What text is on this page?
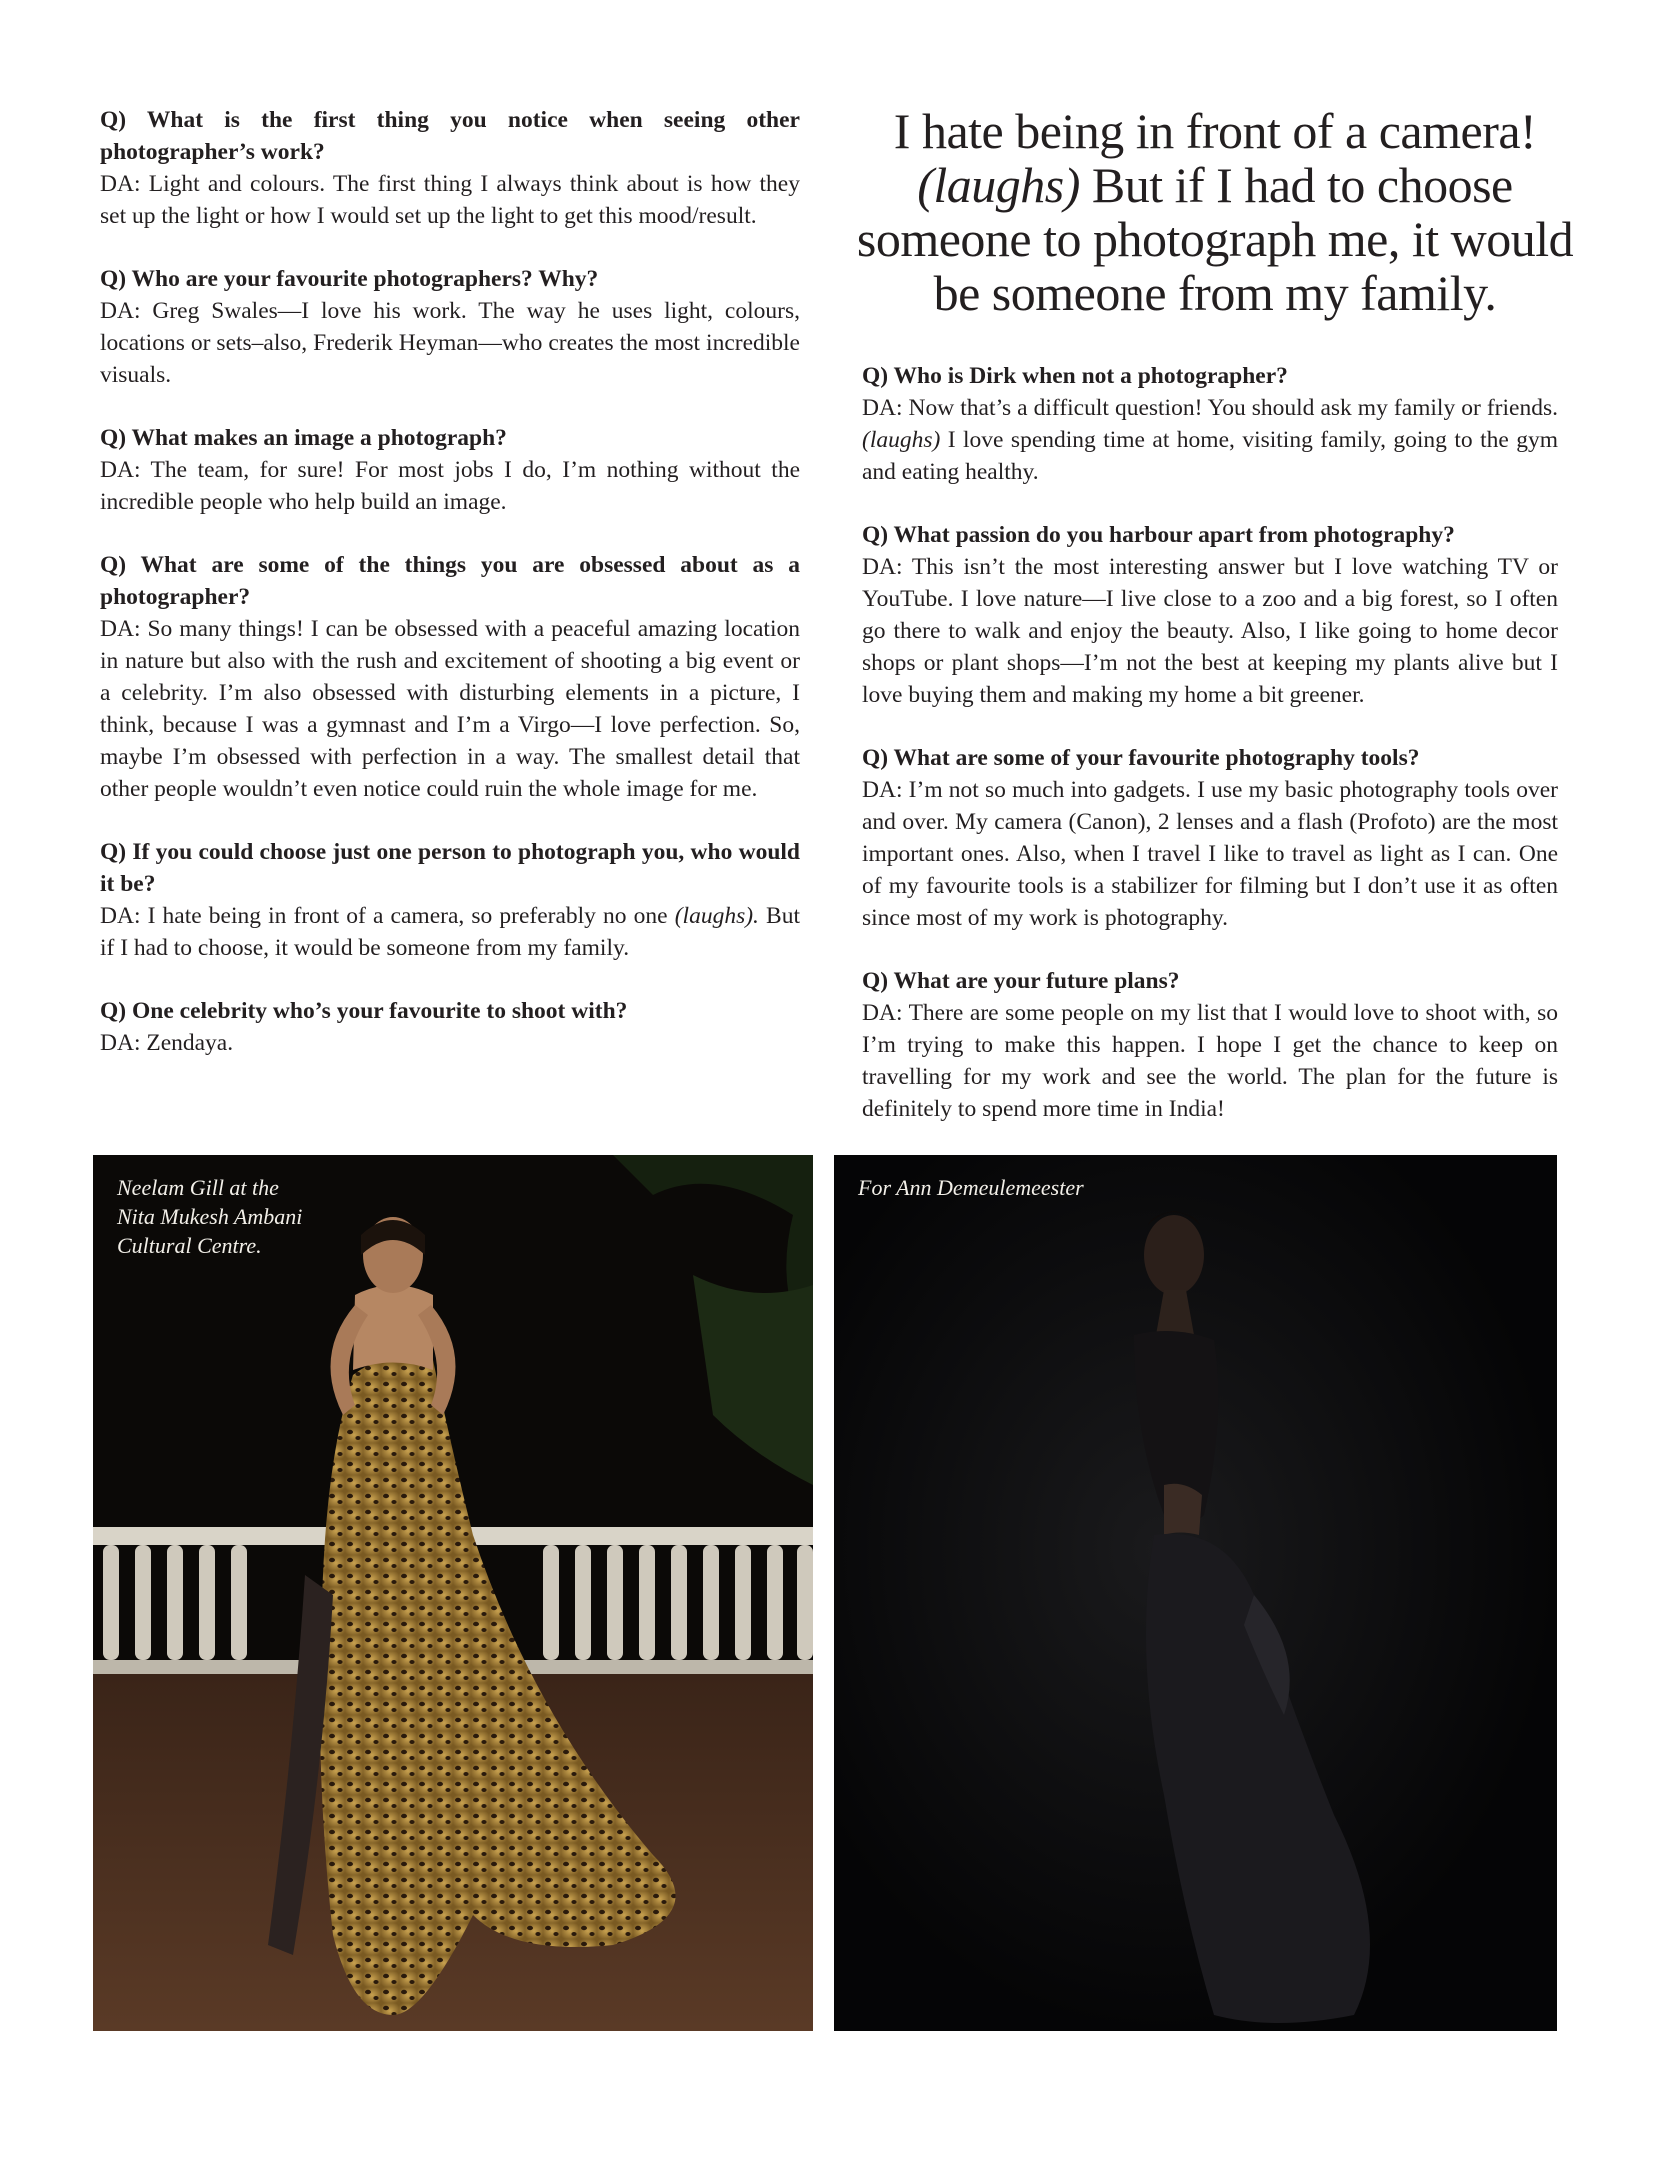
Q) What is the first thing you notice when seeing other photographer’s work?
DA: Light and colours. The first thing I always think about is how they set up the light or how I would set up the light to get this mood/result.
Q) Who are your favourite photographers? Why?
DA: Greg Swales—I love his work. The way he uses light, colours, locations or sets–also, Frederik Heyman—who creates the most incredible visuals.
Q) What makes an image a photograph?
DA: The team, for sure! For most jobs I do, I’m nothing without the incredible people who help build an image.
Q) What are some of the things you are obsessed about as a photographer?
DA: So many things! I can be obsessed with a peaceful amazing location in nature but also with the rush and excitement of shooting a big event or a celebrity. I’m also obsessed with disturbing elements in a picture, I think, because I was a gymnast and I’m a Virgo—I love perfection. So, maybe I’m obsessed with perfection in a way. The smallest detail that other people wouldn’t even notice could ruin the whole image for me.
Q) If you could choose just one person to photograph you, who would it be?
DA: I hate being in front of a camera, so preferably no one (laughs). But if I had to choose, it would be someone from my family.
Q) One celebrity who’s your favourite to shoot with?
DA: Zendaya.
I hate being in front of a camera!
(laughs) But if I had to choose someone to photograph me, it would be someone from my family.
Q) Who is Dirk when not a photographer?
DA: Now that’s a difficult question! You should ask my family or friends. (laughs) I love spending time at home, visiting family, going to the gym and eating healthy.
Q) What passion do you harbour apart from photography?
DA: This isn’t the most interesting answer but I love watching TV or YouTube. I love nature—I live close to a zoo and a big forest, so I often go there to walk and enjoy the beauty. Also, I like going to home decor shops or plant shops—I’m not the best at keeping my plants alive but I love buying them and making my home a bit greener.
Q) What are some of your favourite photography tools?
DA: I’m not so much into gadgets. I use my basic photography tools over and over. My camera (Canon), 2 lenses and a flash (Profoto) are the most important ones. Also, when I travel I like to travel as light as I can. One of my favourite tools is a stabilizer for filming but I don’t use it as often since most of my work is photography.
Q) What are your future plans?
DA: There are some people on my list that I would love to shoot with, so I’m trying to make this happen. I hope I get the chance to keep on travelling for my work and see the world. The plan for the future is definitely to spend more time in India!
Neelam Gill at the
Nita Mukesh Ambani
Cultural Centre.
For Ann Demeulemeester
